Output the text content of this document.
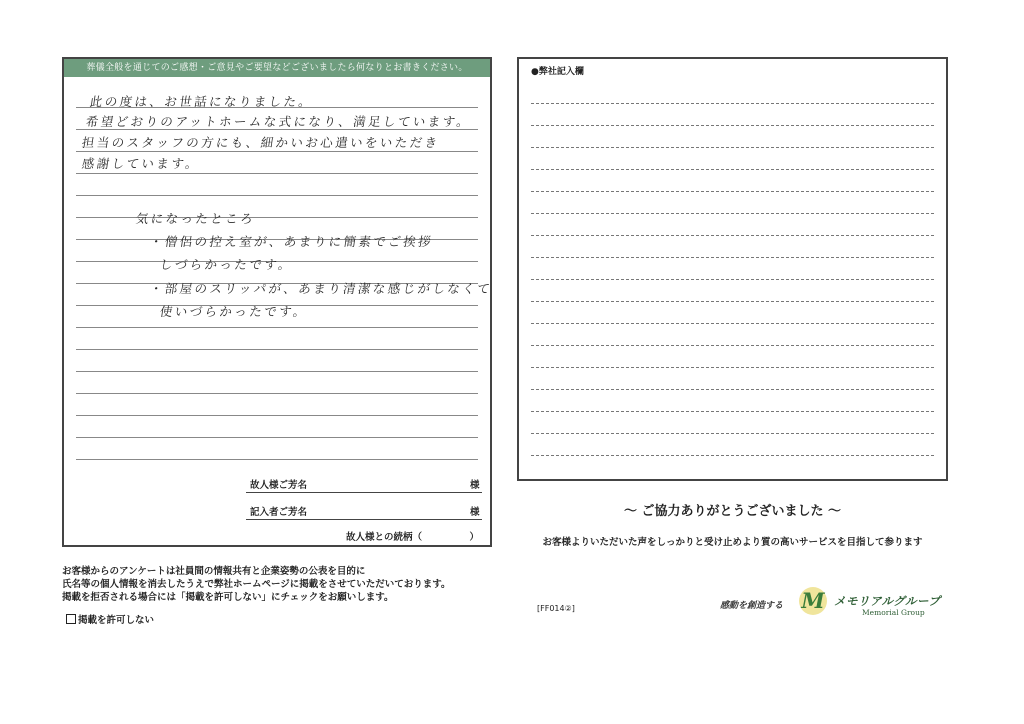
葬儀全般を通じてのご感想・ご意見やご要望などございましたら何なりとお書きください。
此の度は、お世話になりました。
希望どおりのアットホームな式になり、満足しています。
担当のスタッフの方にも、細かいお心遣いをいただき
感謝しています。
気になったところ
・僧侶の控え室が、あまりに簡素でご挨拶
しづらかったです。
・部屋のスリッパが、あまり清潔な感じがしなくて
使いづらかったです。
故人様ご芳名	様
記入者ご芳名	様
故人様との続柄（　　　　　）
●弊社記入欄
～ ご協力ありがとうございました ～
お客様よりいただいた声をしっかりと受け止めより質の高いサービスを目指して参ります
お客様からのアンケートは社員間の情報共有と企業姿勢の公表を目的に
氏名等の個人情報を消去したうえで弊社ホームページに掲載をさせていただいております。
掲載を拒否される場合には「掲載を許可しない」にチェックをお願いします。
掲載を許可しない
[FF014②]	感動を創造する M メモリアルグループ
Memorial Group
